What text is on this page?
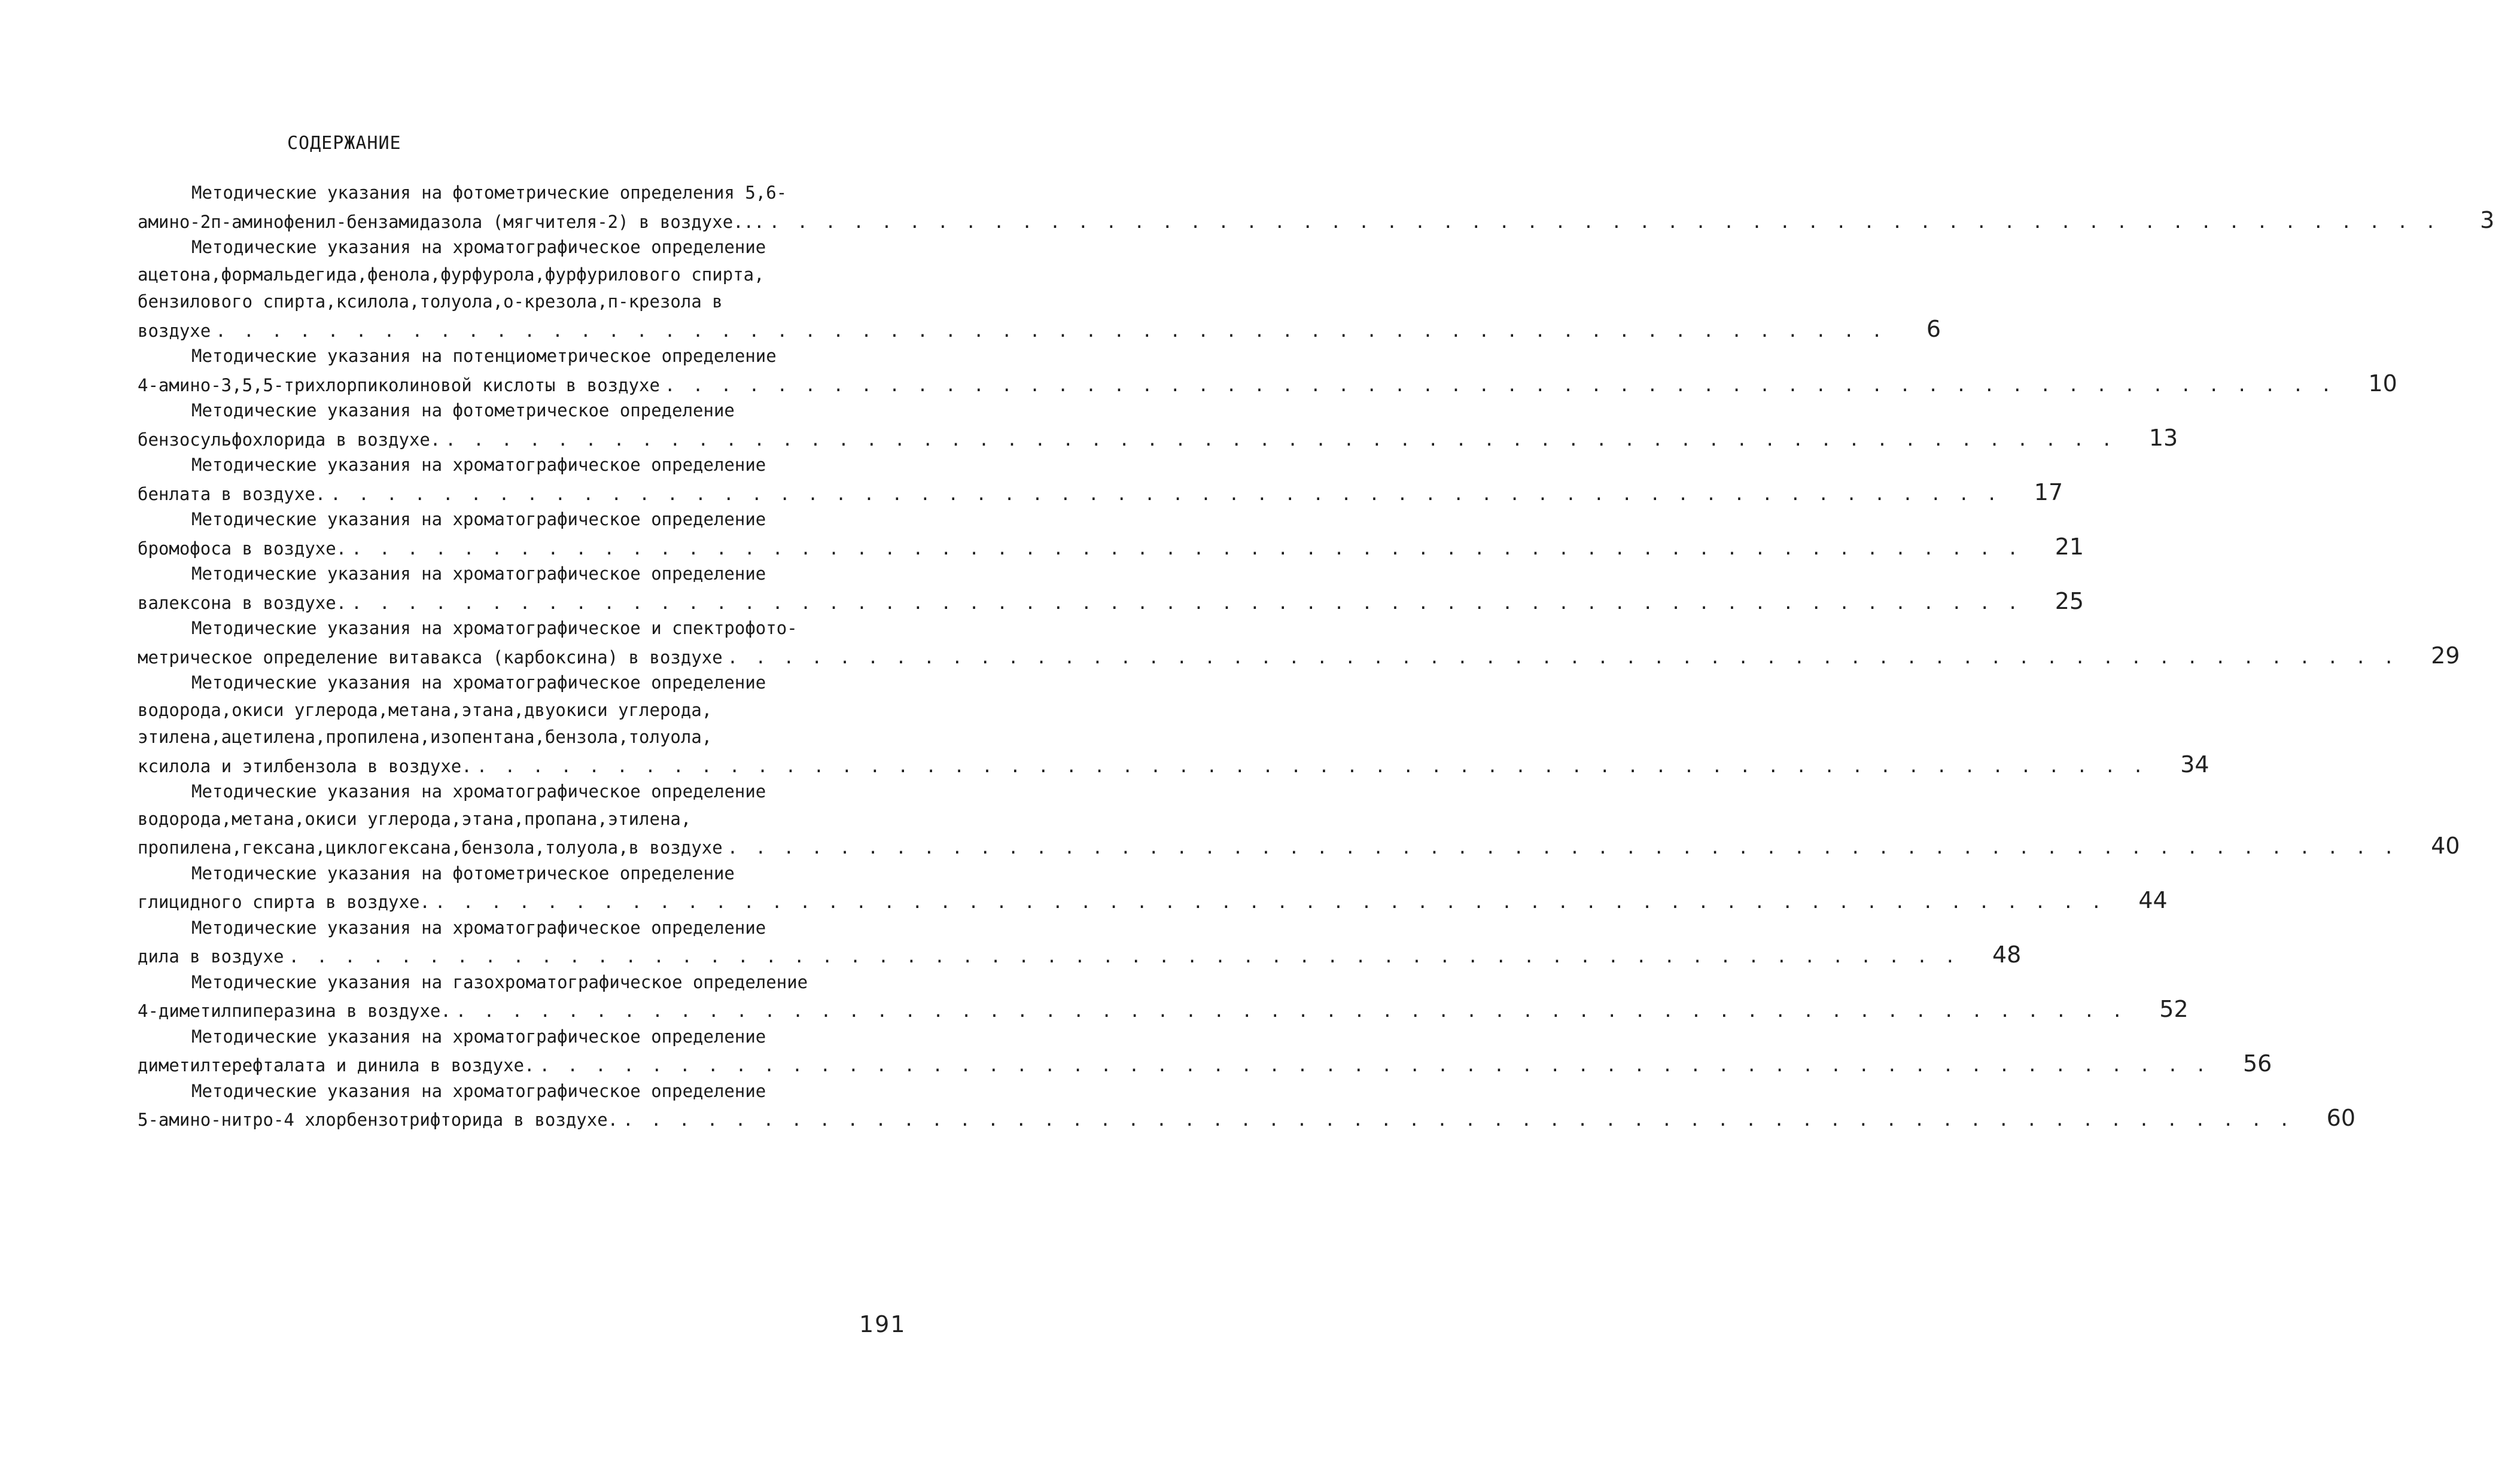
СОДЕРЖАНИЕ
Методические указания на фотометрические определения 5,6-
амино-2п-аминофенил-бензамидазола (мягчителя-2) в воздухе... . . . . . . . . . . . . . . . . . . . . . . . . . . . . . . . . . . . . . . . . . . . . . . . . . . . . . . . . . . . .	3
Методические указания на хроматографическое определение
ацетона,формальдегида,фенола,фурфурола,фурфурилового спирта,
бензилового спирта,ксилола,толуола,о-крезола,п-крезола в
воздухе . . . . . . . . . . . . . . . . . . . . . . . . . . . . . . . . . . . . . . . . . . . . . . . . . . . . . . . . . . . .	6
Методические указания на потенциометрическое определение
4-амино-3,5,5-трихлорпиколиновой кислоты в воздухе . . . . . . . . . . . . . . . . . . . . . . . . . . . . . . . . . . . . . . . . . . . . . . . . . . . . . . . . . . . .	10
Методические указания на фотометрическое определение
бензосульфохлорида в воздухе. . . . . . . . . . . . . . . . . . . . . . . . . . . . . . . . . . . . . . . . . . . . . . . . . . . . . . . . . . . . .	13
Методические указания на хроматографическое определение
бенлата в воздухе. . . . . . . . . . . . . . . . . . . . . . . . . . . . . . . . . . . . . . . . . . . . . . . . . . . . . . . . . . . . .	17
Методические указания на хроматографическое определение
бромофоса в воздухе. . . . . . . . . . . . . . . . . . . . . . . . . . . . . . . . . . . . . . . . . . . . . . . . . . . . . . . . . . . . .	21
Методические указания на хроматографическое определение
валексона в воздухе. . . . . . . . . . . . . . . . . . . . . . . . . . . . . . . . . . . . . . . . . . . . . . . . . . . . . . . . . . . . .	25
Методические указания на хроматографическое и спектрофото-
метрическое определение витавакса (карбоксина) в воздухе . . . . . . . . . . . . . . . . . . . . . . . . . . . . . . . . . . . . . . . . . . . . . . . . . . . . . . . . . . . .	29
Методические указания на хроматографическое определение
водорода,окиси углерода,метана,этана,двуокиси углерода,
этилена,ацетилена,пропилена,изопентана,бензола,толуола,
ксилола и этилбензола в воздухе. . . . . . . . . . . . . . . . . . . . . . . . . . . . . . . . . . . . . . . . . . . . . . . . . . . . . . . . . . . . .	34
Методические указания на хроматографическое определение
водорода,метана,окиси углерода,этана,пропана,этилена,
пропилена,гексана,циклогексана,бензола,толуола,в воздухе . . . . . . . . . . . . . . . . . . . . . . . . . . . . . . . . . . . . . . . . . . . . . . . . . . . . . . . . . . . .	40
Методические указания на фотометрическое определение
глицидного спирта в воздухе. . . . . . . . . . . . . . . . . . . . . . . . . . . . . . . . . . . . . . . . . . . . . . . . . . . . . . . . . . . . .	44
Методические указания на хроматографическое определение
дила в воздухе . . . . . . . . . . . . . . . . . . . . . . . . . . . . . . . . . . . . . . . . . . . . . . . . . . . . . . . . . . . .	48
Методические указания на газохроматографическое определение
4-диметилпиперазина в воздухе. . . . . . . . . . . . . . . . . . . . . . . . . . . . . . . . . . . . . . . . . . . . . . . . . . . . . . . . . . . . .	52
Методические указания на хроматографическое определение
диметилтерефталата и динила в воздухе. . . . . . . . . . . . . . . . . . . . . . . . . . . . . . . . . . . . . . . . . . . . . . . . . . . . . . . . . . . . .	56
Методические указания на хроматографическое определение
5-амино-нитро-4 хлорбензотрифторида в воздухе. . . . . . . . . . . . . . . . . . . . . . . . . . . . . . . . . . . . . . . . . . . . . . . . . . . . . . . . . . . . .	60
191
